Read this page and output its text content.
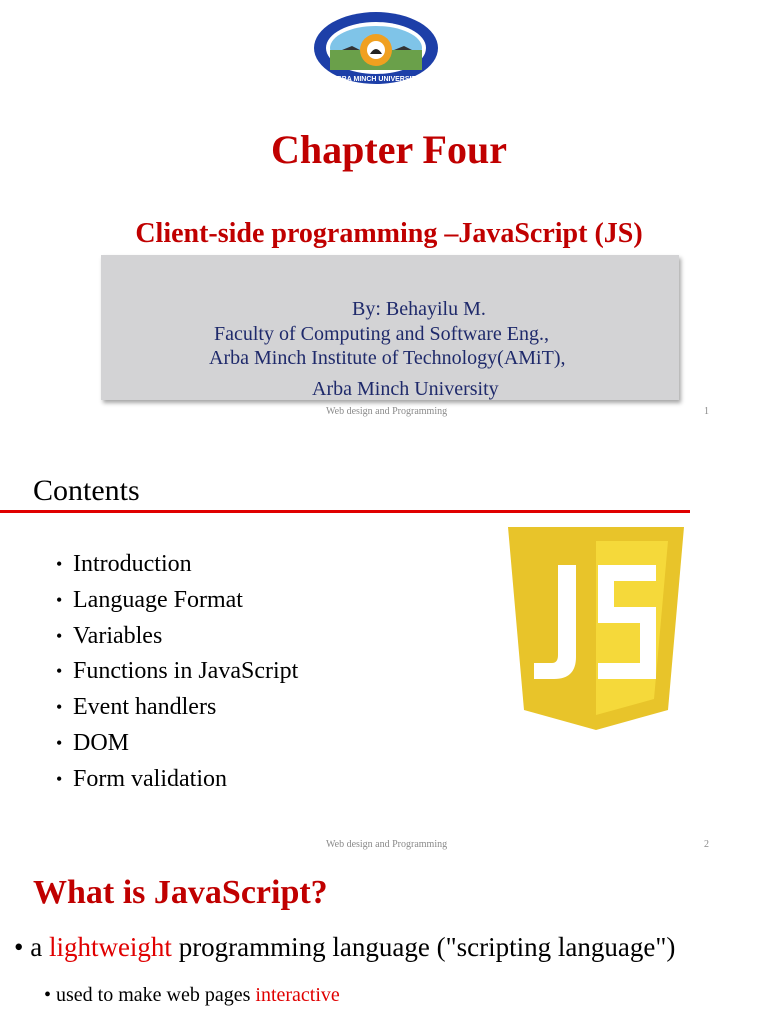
ARBA MINCH UNIVERSITY
Chapter Four
Client-side programming –JavaScript (JS)
By: Behayilu M.
Faculty of Computing and Software Eng.,
Arba Minch Institute of Technology(AMiT),
Arba Minch University
Web design and Programming	1
Contents
• Introduction
• Language Format
• Variables
• Functions in JavaScript
• Event handlers
• DOM
• Form validation
Web design and Programming	2
What is JavaScript?
• a lightweight programming language ("scripting language")
• used to make web pages interactive
